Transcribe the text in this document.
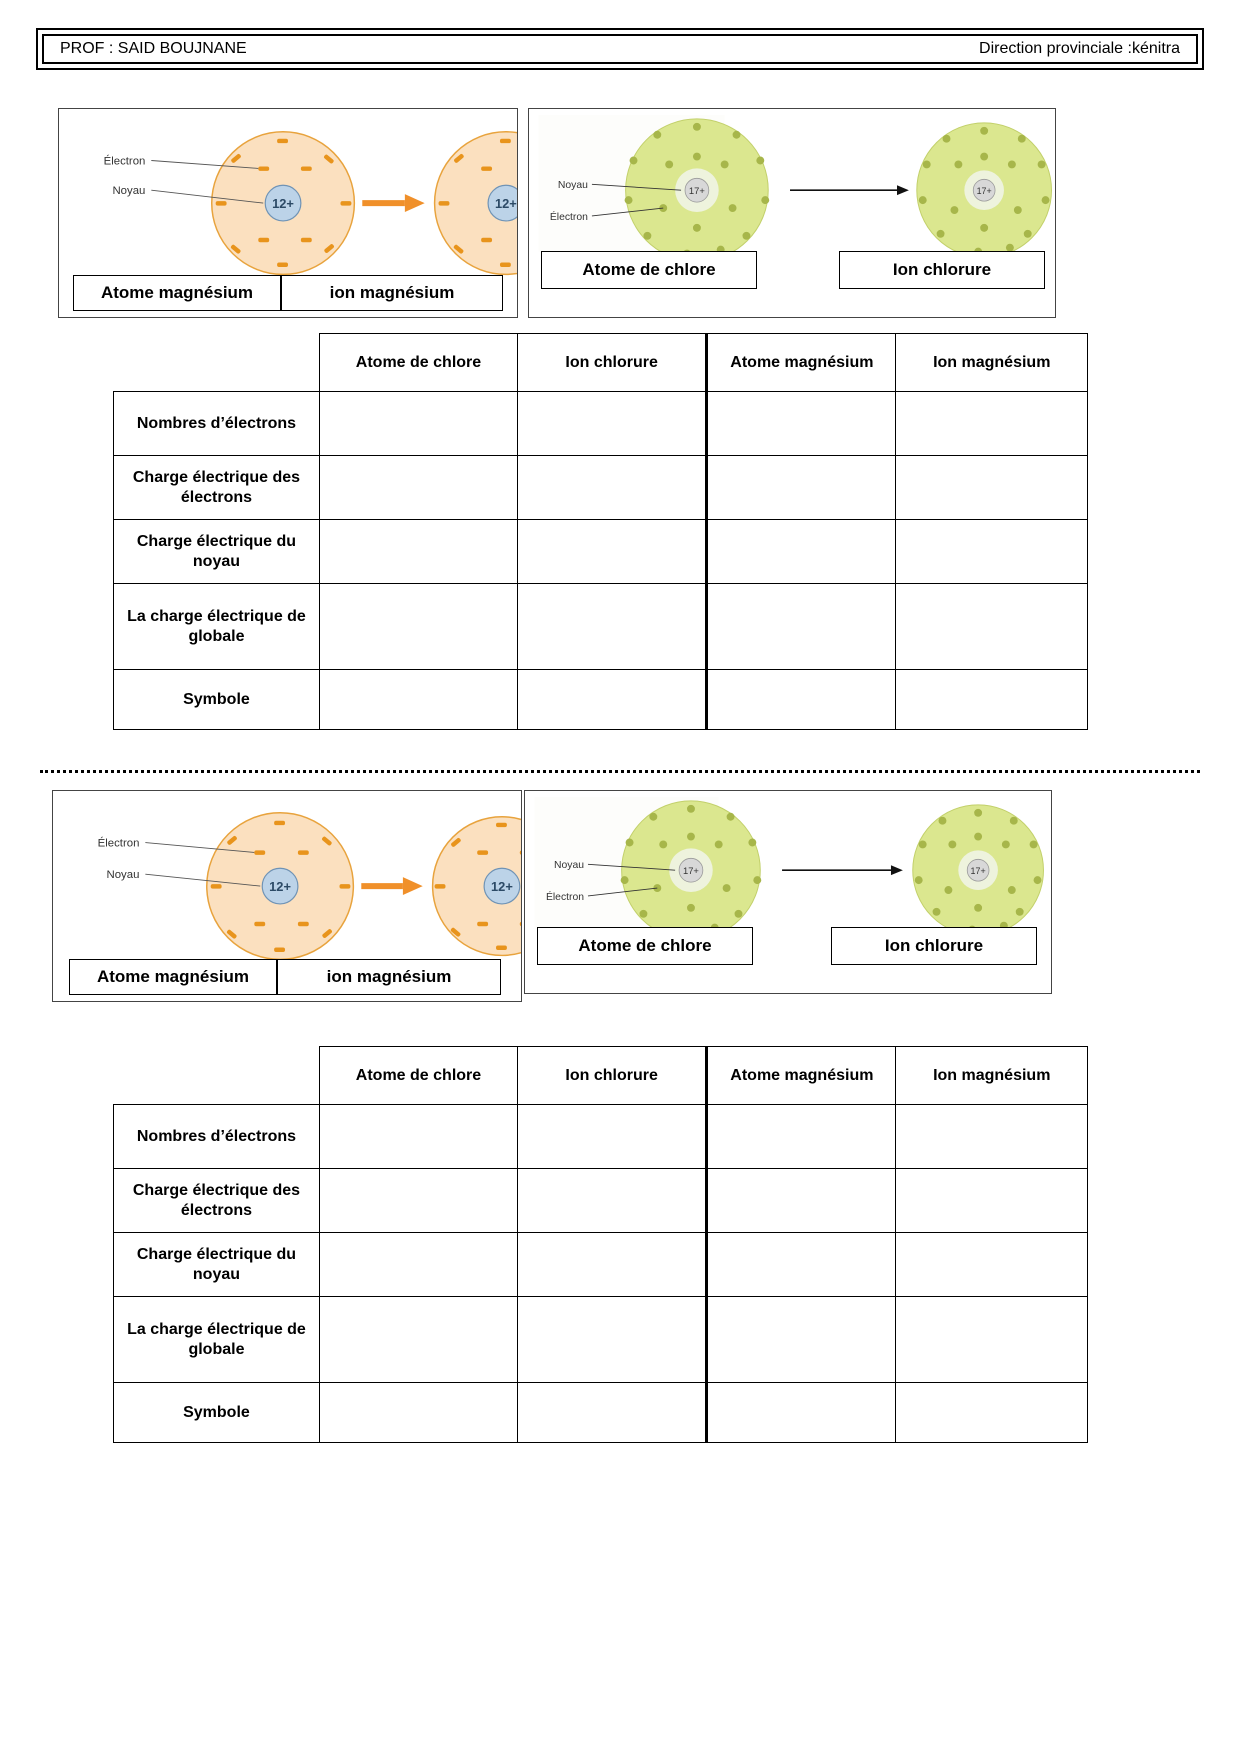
PROF : SAID BOUJNANE	Direction provinciale :kénitra
12+
Électron
Noyau
12+
Atome magnésium	ion magnésium
17+
Noyau
Électron
17+
Atome de chlore	Ion chlorure
	Atome de chlore	Ion chlorure	Atome magnésium	Ion magnésium
Nombres d’électrons				
Charge électrique des électrons				
Charge électrique du noyau				
La charge électrique de globale				
Symbole				
12+
Électron
Noyau
12+
Atome magnésium	ion magnésium
17+
Noyau
Électron
17+
Atome de chlore	Ion chlorure
	Atome de chlore	Ion chlorure	Atome magnésium	Ion magnésium
Nombres d’électrons				
Charge électrique des électrons				
Charge électrique du noyau				
La charge électrique de globale				
Symbole				
